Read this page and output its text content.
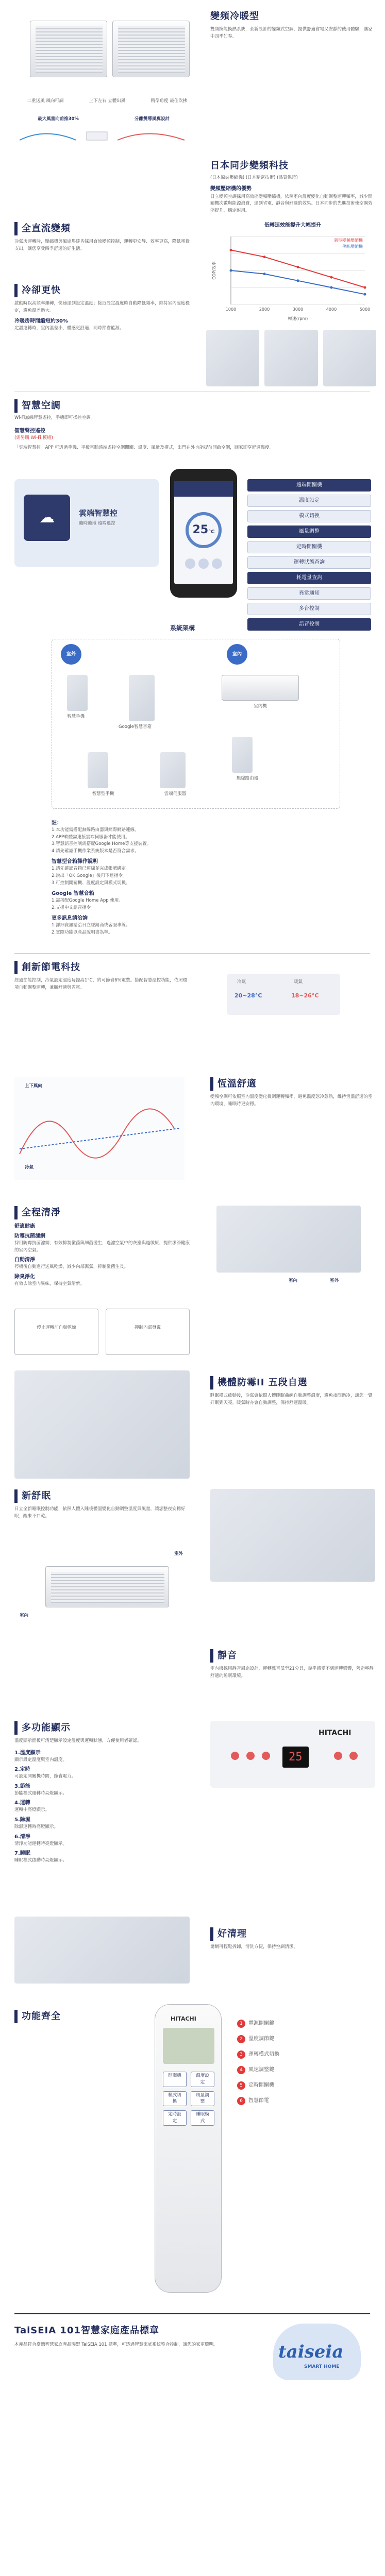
變頻冷暖型
雙頻換能換熱系統，全新設計的變頻式空調，提供舒適省電又安靜的使用體驗，讓家中四季如春。
最大風量向前推30%	分離雙導風翼設計
二重送風 風向可調	上下左右 立體出風	精準角度 最佳吹拂
日本同步變頻科技
(日本原裝壓縮機) (日本精密技術) (品質保證)
變頻壓縮機的優勢
日立變頻空調採用高效能變頻壓縮機，依照室內溫度變化自動調整運轉頻率，減少開關機次數與能源浪費，達到省電、靜音與舒適的效果。日本同步的先進技術使空調效能提升，穩定耐用。
全直流變頻
冷氣房運轉時，壓縮機與風扇馬達皆採用直流變頻控制，運轉更安靜、效率更高，降低電費支出，讓您享受四季舒適的好生活。
低轉速效能提升大幅提升
1000	2000	3000	4000	5000
新型變頻壓縮機
傳統壓縮機
轉速(rpm)
COP/效率
冷卻更快
啟動時以高頻率運轉，快速達到設定溫度；接近設定溫度時自動降低頻率，維持室內溫度穩定，避免溫差過大。
冷暖房時間縮短約30%
定溫運轉時，室內溫差小，體感更舒適，同時節省能源。
智慧空調
Wi-Fi無線智慧遙控，手機即可操控空調。
智慧聲控遙控
(需另購 Wi-Fi 模組)
「雲端智慧控」APP 可透過手機、平板電腦遠端遙控空調開關、溫度、風量及模式，出門在外也能提前開啟空調，回家即享舒適溫度。
☁	雲端智慧控
隨時隨地 遠端遙控	25°C
遠端開關機
溫度設定
模式切換
風量調整
定時開關機
運轉狀態查詢
耗電量查詢
異常通知
多台控制
語音控制
系統架構
室外	室內
智慧手機
Google智慧音箱
室內機
智慧型手機	雲端伺服器
無線路由器
註：
1.本功能需搭配無線路由器與網際網路連線。
2.APP軟體需連接雲端伺服器才能使用。
3.智慧語音控制需搭配Google Home等支援裝置。
4.請先確認手機作業系統版本是否符合需求。
智慧型音箱操作說明
1.請先確認音箱已連線並完成帳號綁定。
2.說出「OK Google」後再下達指令。
3.可控制開關機、溫度設定與模式切換。
Google 智慧音箱
1.需搭配Google Home App 使用。
2.支援中文語音指令。
更多訊息請洽詢
1.詳細資訊請洽日立經銷商或客服專線。
2.實際功能以產品說明書為準。
創新節電科技
經過節能控制，冷氣設定溫度每提高1°C，約可節省6%電費。搭配智慧溫控功能，依照環境自動調整運轉，兼顧舒適與省電。
冷氣	暖氣
20~28°C	18~26°C
上下風向
冷氣
恆溫舒適
變頻空調可依照室內溫度變化微調運轉頻率，避免溫度忽冷忽熱，維持恆溫舒適的室內環境，睡眠時更安穩。
全程清淨
舒適健康
防霉抗菌濾網
採用防霉抗菌濾網，有效抑制黴菌與細菌滋生，過濾空氣中的灰塵與過敏原，提供潔淨健康的室內空氣。
自動清淨
停機後自動進行送風乾燥，減少內部濕氣，抑制黴菌生長。
除臭淨化
有效去除室內異味，保持空氣清新。
停止運轉前自動乾燥	抑制內部發霉
室內	室外
機體防霉II 五段自選
睡眠模式啟動後，冷氣會依照人體睡眠曲線自動調整溫度，避免夜間過冷，讓您一覺好眠到天亮。暖氣時亦會自動調整，保持舒適溫暖。
新舒眠
日立全新睡眠控制功能，依照人體入睡後體溫變化自動調整溫度與風量，讓您整夜安穩好眠，醒來不口乾。
室外
室內
靜音
室內機採用靜音風扇設計，運轉聲音低至21分貝，幾乎感受不到運轉聲響，營造寧靜舒適的睡眠環境。
多功能顯示
溫度顯示面板可清楚顯示設定溫度與運轉狀態，方便使用者確認。
1.溫度顯示
顯示設定溫度與室內溫度。
2.定時
可設定開關機時間，節省電力。
3.節能
節能模式運轉時亮燈顯示。
4.運轉
運轉中亮燈顯示。
5.除濕
除濕運轉時亮燈顯示。
6.清淨
清淨功能運轉時亮燈顯示。
7.睡眠
睡眠模式啟動時亮燈顯示。
HITACHI
25
好清理
濾網可輕鬆拆卸，清洗方便，保持空調清潔。
功能齊全	HITACHI
開關機	溫度設定
模式切換
風量調整
定時設定
睡眠模式
1	電源開關鍵
2	溫度調節鍵
3	運轉模式切換
4	風速調整鍵
5	定時開關機
6	智慧節電
TaiSEIA 101智慧家庭產品標章
本產品符合臺灣智慧家庭產品聯盟 TaiSEIA 101 標準，可透過智慧家庭系統整合控制，讓您的家更聰明。	taiseia
SMART HOME
